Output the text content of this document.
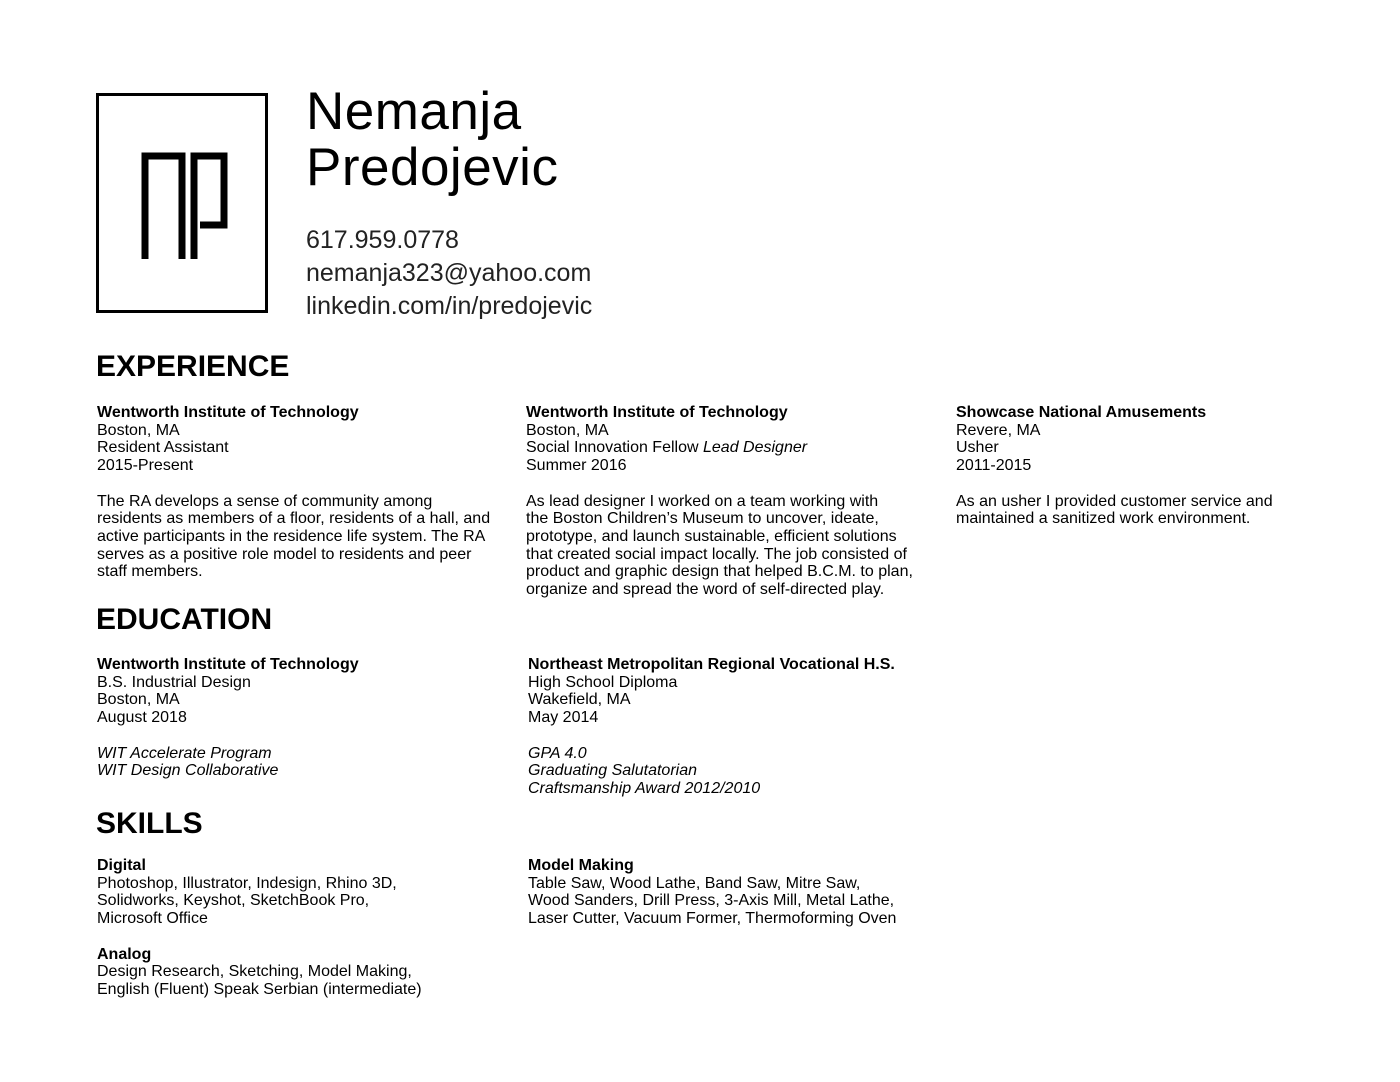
Nemanja
Predojevic
617.959.0778
nemanja323@yahoo.com
linkedin.com/in/predojevic
EXPERIENCE
Wentworth Institute of Technology
Boston, MA
Resident Assistant
2015-Present
The RA develops a sense of community among
residents as members of a floor, residents of a hall, and
active participants in the residence life system. The RA
serves as a positive role model to residents and peer
staff members.
Wentworth Institute of Technology
Boston, MA
Social Innovation Fellow Lead Designer
Summer 2016
As lead designer I worked on a team working with
the Boston Children’s Museum to uncover, ideate,
prototype, and launch sustainable, efficient solutions
that created social impact locally. The job consisted of
product and graphic design that helped B.C.M. to plan,
organize and spread the word of self-directed play.
Showcase National Amusements
Revere, MA
Usher
2011-2015
As an usher I provided customer service and
maintained a sanitized work environment.
EDUCATION
Wentworth Institute of Technology
B.S. Industrial Design
Boston, MA
August 2018
WIT Accelerate Program
WIT Design Collaborative
Northeast Metropolitan Regional Vocational H.S.
High School Diploma
Wakefield, MA
May 2014
GPA 4.0
Graduating Salutatorian
Craftsmanship Award 2012/2010
SKILLS
Digital
Photoshop, Illustrator, Indesign, Rhino 3D,
Solidworks, Keyshot, SketchBook Pro,
Microsoft Office
Analog
Design Research, Sketching, Model Making,
English (Fluent) Speak Serbian (intermediate)
Model Making
Table Saw, Wood Lathe, Band Saw, Mitre Saw,
Wood Sanders, Drill Press, 3-Axis Mill, Metal Lathe,
Laser Cutter, Vacuum Former, Thermoforming Oven
